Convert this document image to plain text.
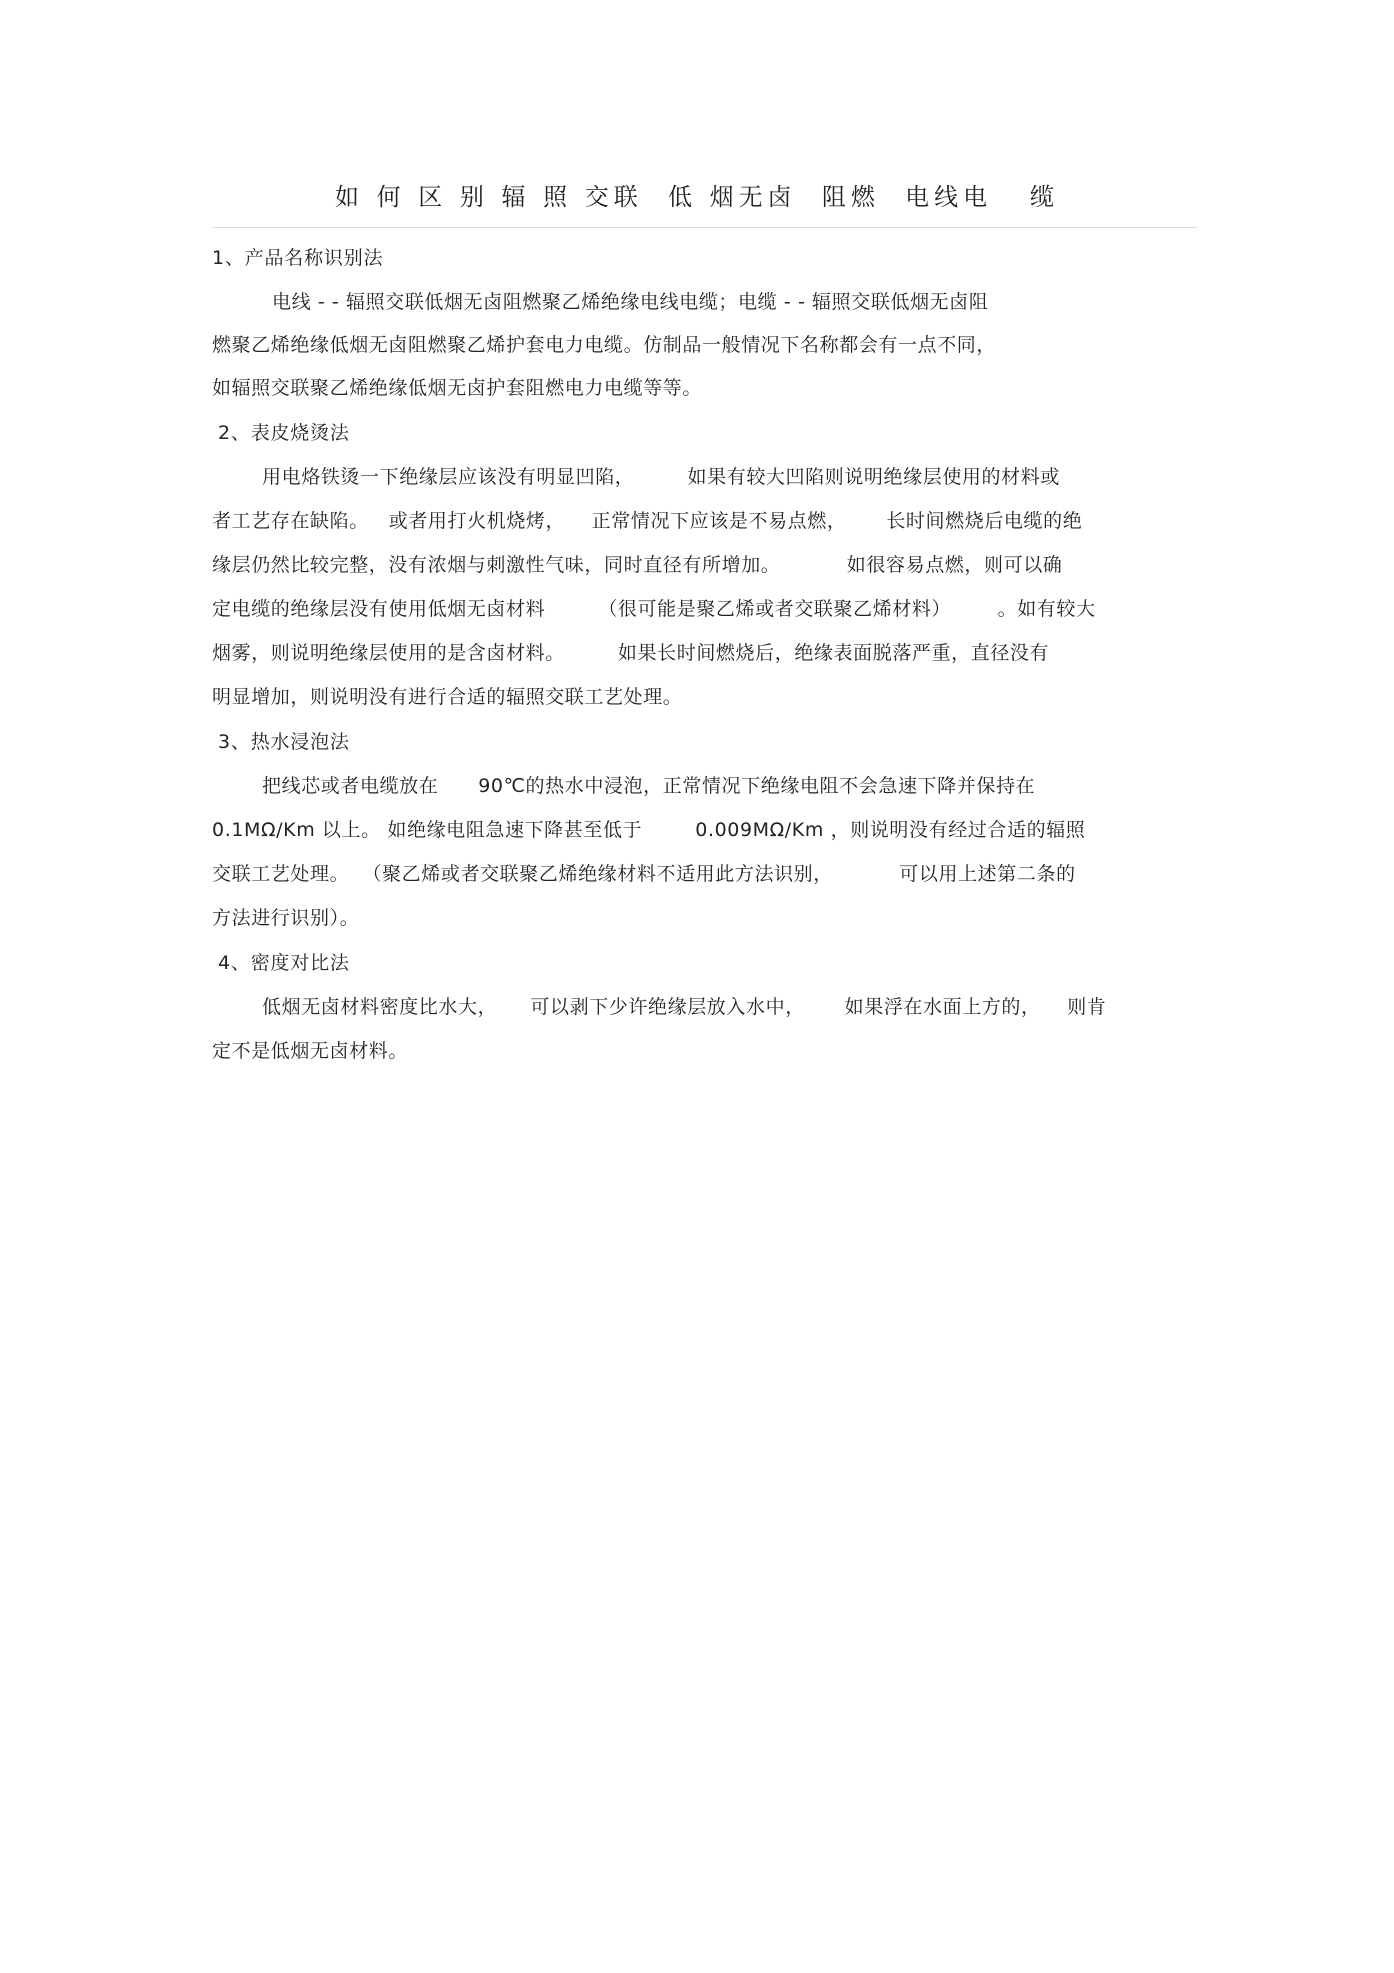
如 何 区 别 辐 照 交联  低 烟无卤  阻燃  电线电   缆
1、产品名称识别法
电线 - - 辐照交联低烟无卤阻燃聚乙烯绝缘电线电缆；电缆 - - 辐照交联低烟无卤阻
燃聚乙烯绝缘低烟无卤阻燃聚乙烯护套电力电缆。仿制品一般情况下名称都会有一点不同，
如辐照交联聚乙烯绝缘低烟无卤护套阻燃电力电缆等等。
2、表皮烧烫法
用电烙铁烫一下绝缘层应该没有明显凹陷，        如果有较大凹陷则说明绝缘层使用的材料或
者工艺存在缺陷。   或者用打火机烧烤，    正常情况下应该是不易点燃，      长时间燃烧后电缆的绝
缘层仍然比较完整，没有浓烟与刺激性气味，同时直径有所增加。          如很容易点燃，则可以确
定电缆的绝缘层没有使用低烟无卤材料        （很可能是聚乙烯或者交联聚乙烯材料）       。如有较大
烟雾，则说明绝缘层使用的是含卤材料。        如果长时间燃烧后，绝缘表面脱落严重，直径没有
明显增加，则说明没有进行合适的辐照交联工艺处理。
3、热水浸泡法
把线芯或者电缆放在      90℃的热水中浸泡，正常情况下绝缘电阻不会急速下降并保持在
0.1MΩ/Km 以上。 如绝缘电阻急速下降甚至低于        0.009MΩ/Km ，则说明没有经过合适的辐照
交联工艺处理。  （聚乙烯或者交联聚乙烯绝缘材料不适用此方法识别，          可以用上述第二条的
方法进行识别）。
4、密度对比法
低烟无卤材料密度比水大，     可以剥下少许绝缘层放入水中，      如果浮在水面上方的，    则肯
定不是低烟无卤材料。
